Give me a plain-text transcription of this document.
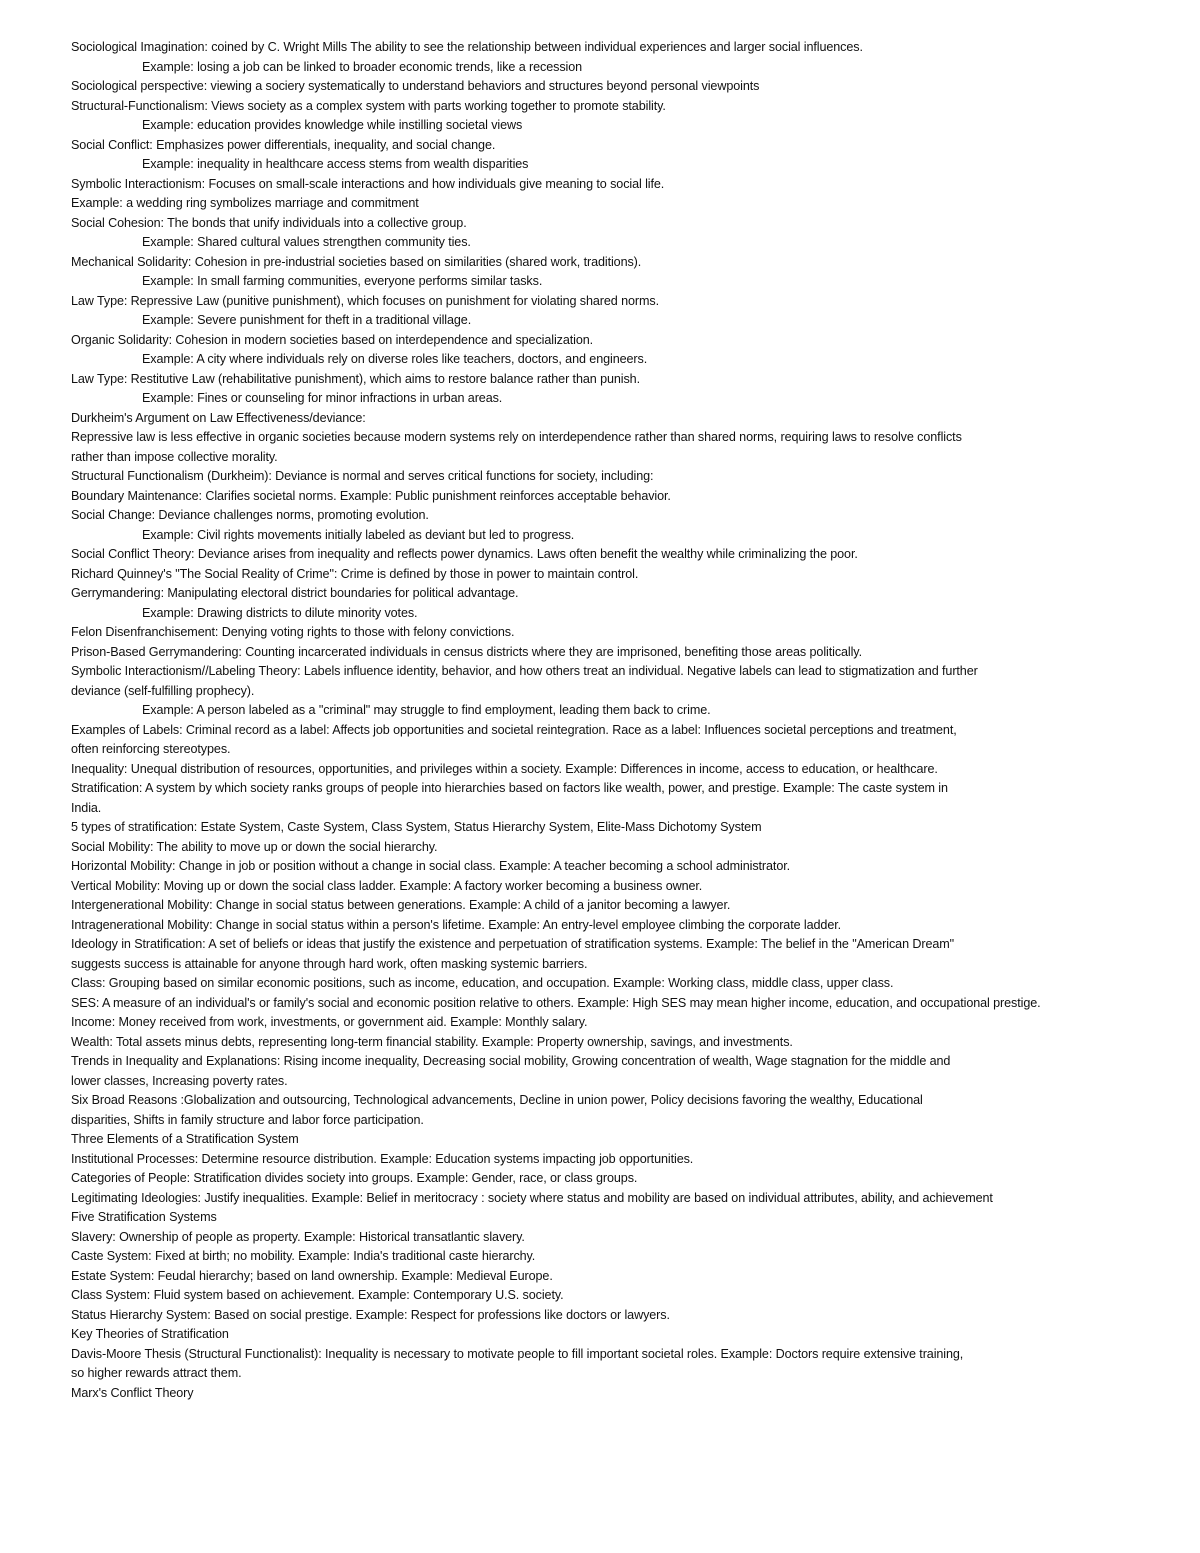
Sociological Imagination: coined by C. Wright Mills The ability to see the relationship between individual experiences and larger social influences.
Example: losing a job can be linked to broader economic trends, like a recession
Sociological perspective: viewing a sociery systematically to understand behaviors and structures beyond personal viewpoints
Structural-Functionalism: Views society as a complex system with parts working together to promote stability.
Example: education provides knowledge while instilling societal views
Social Conflict: Emphasizes power differentials, inequality, and social change.
Example: inequality in healthcare access stems from wealth disparities
Symbolic Interactionism: Focuses on small-scale interactions and how individuals give meaning to social life.
Example: a wedding ring symbolizes marriage and commitment
Social Cohesion: The bonds that unify individuals into a collective group.
Example: Shared cultural values strengthen community ties.
Mechanical Solidarity: Cohesion in pre-industrial societies based on similarities (shared work, traditions).
Example: In small farming communities, everyone performs similar tasks.
Law Type: Repressive Law (punitive punishment), which focuses on punishment for violating shared norms.
Example: Severe punishment for theft in a traditional village.
Organic Solidarity: Cohesion in modern societies based on interdependence and specialization.
Example: A city where individuals rely on diverse roles like teachers, doctors, and engineers.
Law Type: Restitutive Law (rehabilitative punishment), which aims to restore balance rather than punish.
Example: Fines or counseling for minor infractions in urban areas.
Durkheim's Argument on Law Effectiveness/deviance:
Repressive law is less effective in organic societies because modern systems rely on interdependence rather than shared norms, requiring laws to resolve conflicts
rather than impose collective morality.
Structural Functionalism (Durkheim): Deviance is normal and serves critical functions for society, including:
Boundary Maintenance: Clarifies societal norms. Example: Public punishment reinforces acceptable behavior.
Social Change: Deviance challenges norms, promoting evolution.
Example: Civil rights movements initially labeled as deviant but led to progress.
Social Conflict Theory: Deviance arises from inequality and reflects power dynamics. Laws often benefit the wealthy while criminalizing the poor.
Richard Quinney's "The Social Reality of Crime": Crime is defined by those in power to maintain control.
Gerrymandering: Manipulating electoral district boundaries for political advantage.
Example: Drawing districts to dilute minority votes.
Felon Disenfranchisement: Denying voting rights to those with felony convictions.
Prison-Based Gerrymandering: Counting incarcerated individuals in census districts where they are imprisoned, benefiting those areas politically.
Symbolic Interactionism//Labeling Theory: Labels influence identity, behavior, and how others treat an individual. Negative labels can lead to stigmatization and further
deviance (self-fulfilling prophecy).
Example: A person labeled as a "criminal" may struggle to find employment, leading them back to crime.
Examples of Labels: Criminal record as a label: Affects job opportunities and societal reintegration. Race as a label: Influences societal perceptions and treatment,
often reinforcing stereotypes.
Inequality: Unequal distribution of resources, opportunities, and privileges within a society. Example: Differences in income, access to education, or healthcare.
Stratification: A system by which society ranks groups of people into hierarchies based on factors like wealth, power, and prestige. Example: The caste system in
India.
5 types of stratification: Estate System, Caste System, Class System, Status Hierarchy System, Elite-Mass Dichotomy System
Social Mobility: The ability to move up or down the social hierarchy.
Horizontal Mobility: Change in job or position without a change in social class. Example: A teacher becoming a school administrator.
Vertical Mobility: Moving up or down the social class ladder. Example: A factory worker becoming a business owner.
Intergenerational Mobility: Change in social status between generations. Example: A child of a janitor becoming a lawyer.
Intragenerational Mobility: Change in social status within a person's lifetime. Example: An entry-level employee climbing the corporate ladder.
Ideology in Stratification: A set of beliefs or ideas that justify the existence and perpetuation of stratification systems. Example: The belief in the "American Dream"
suggests success is attainable for anyone through hard work, often masking systemic barriers.
Class: Grouping based on similar economic positions, such as income, education, and occupation. Example: Working class, middle class, upper class.
SES: A measure of an individual's or family's social and economic position relative to others. Example: High SES may mean higher income, education, and occupational prestige.
Income: Money received from work, investments, or government aid. Example: Monthly salary.
Wealth: Total assets minus debts, representing long-term financial stability. Example: Property ownership, savings, and investments.
Trends in Inequality and Explanations: Rising income inequality, Decreasing social mobility, Growing concentration of wealth, Wage stagnation for the middle and
lower classes, Increasing poverty rates.
Six Broad Reasons :Globalization and outsourcing, Technological advancements, Decline in union power, Policy decisions favoring the wealthy, Educational
disparities, Shifts in family structure and labor force participation.
Three Elements of a Stratification System
Institutional Processes: Determine resource distribution. Example: Education systems impacting job opportunities.
Categories of People: Stratification divides society into groups. Example: Gender, race, or class groups.
Legitimating Ideologies: Justify inequalities. Example: Belief in meritocracy : society where status and mobility are based on individual attributes, ability, and achievement
Five Stratification Systems
Slavery: Ownership of people as property. Example: Historical transatlantic slavery.
Caste System: Fixed at birth; no mobility. Example: India's traditional caste hierarchy.
Estate System: Feudal hierarchy; based on land ownership. Example: Medieval Europe.
Class System: Fluid system based on achievement. Example: Contemporary U.S. society.
Status Hierarchy System: Based on social prestige. Example: Respect for professions like doctors or lawyers.
Key Theories of Stratification
Davis-Moore Thesis (Structural Functionalist): Inequality is necessary to motivate people to fill important societal roles. Example: Doctors require extensive training,
so higher rewards attract them.
Marx's Conflict Theory
